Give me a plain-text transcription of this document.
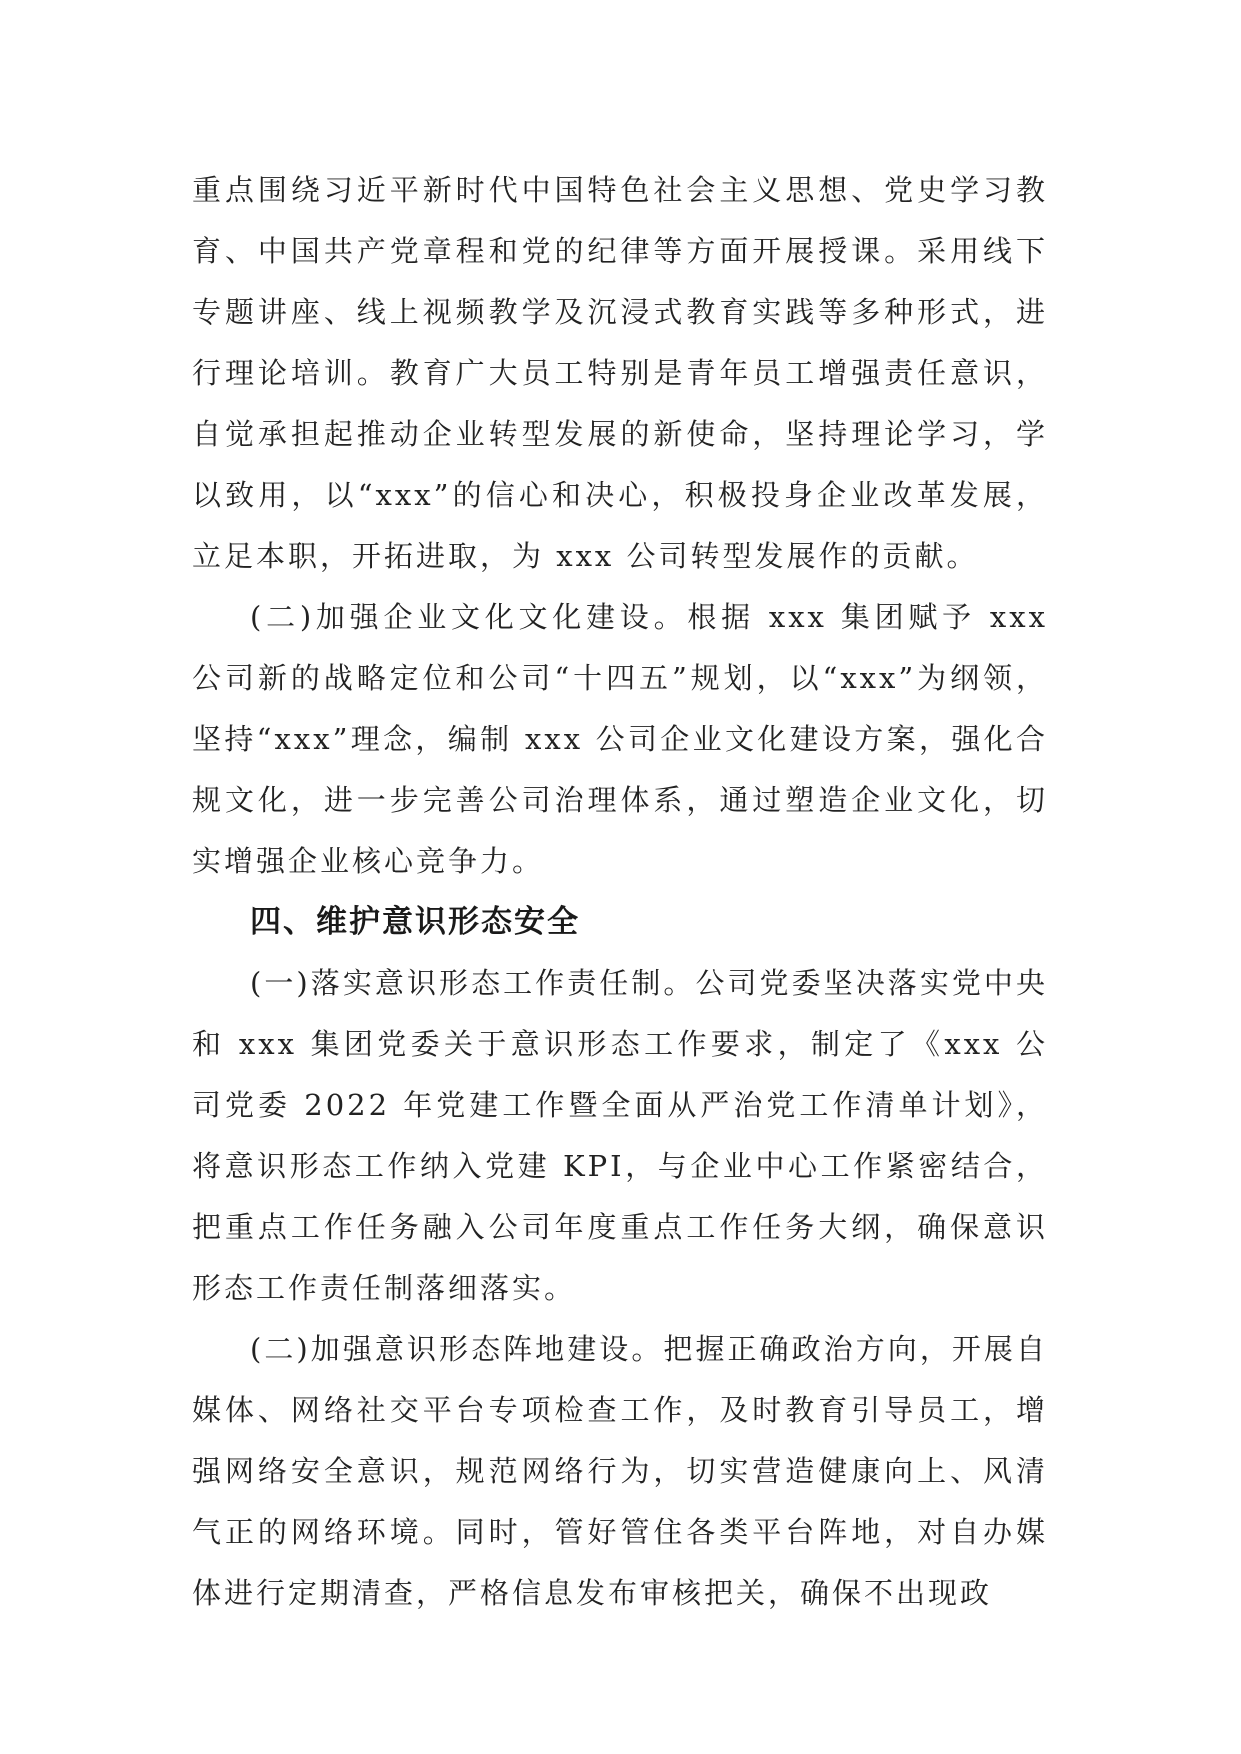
重点围绕习近平新时代中国特色社会主义思想、党史学习教育、中国共产党章程和党的纪律等方面开展授课。采用线下专题讲座、线上视频教学及沉浸式教育实践等多种形式，进行理论培训。教育广大员工特别是青年员工增强责任意识，自觉承担起推动企业转型发展的新使命，坚持理论学习，学以致用，以“xxx”的信心和决心，积极投身企业改革发展，立足本职，开拓进取，为 xxx 公司转型发展作的贡献。

(二)加强企业文化文化建设。根据 xxx 集团赋予 xxx 公司新的战略定位和公司“十四五”规划，以“xxx”为纲领，坚持“xxx”理念，编制 xxx 公司企业文化建设方案，强化合规文化，进一步完善公司治理体系，通过塑造企业文化，切实增强企业核心竞争力。

四、维护意识形态安全

(一)落实意识形态工作责任制。公司党委坚决落实党中央和 xxx 集团党委关于意识形态工作要求，制定了《xxx 公司党委 2022 年党建工作暨全面从严治党工作清单计划》，将意识形态工作纳入党建 KPI，与企业中心工作紧密结合，把重点工作任务融入公司年度重点工作任务大纲，确保意识形态工作责任制落细落实。

(二)加强意识形态阵地建设。把握正确政治方向，开展自媒体、网络社交平台专项检查工作，及时教育引导员工，增强网络安全意识，规范网络行为，切实营造健康向上、风清气正的网络环境。同时，管好管住各类平台阵地，对自办媒体进行定期清查，严格信息发布审核把关，确保不出现政
